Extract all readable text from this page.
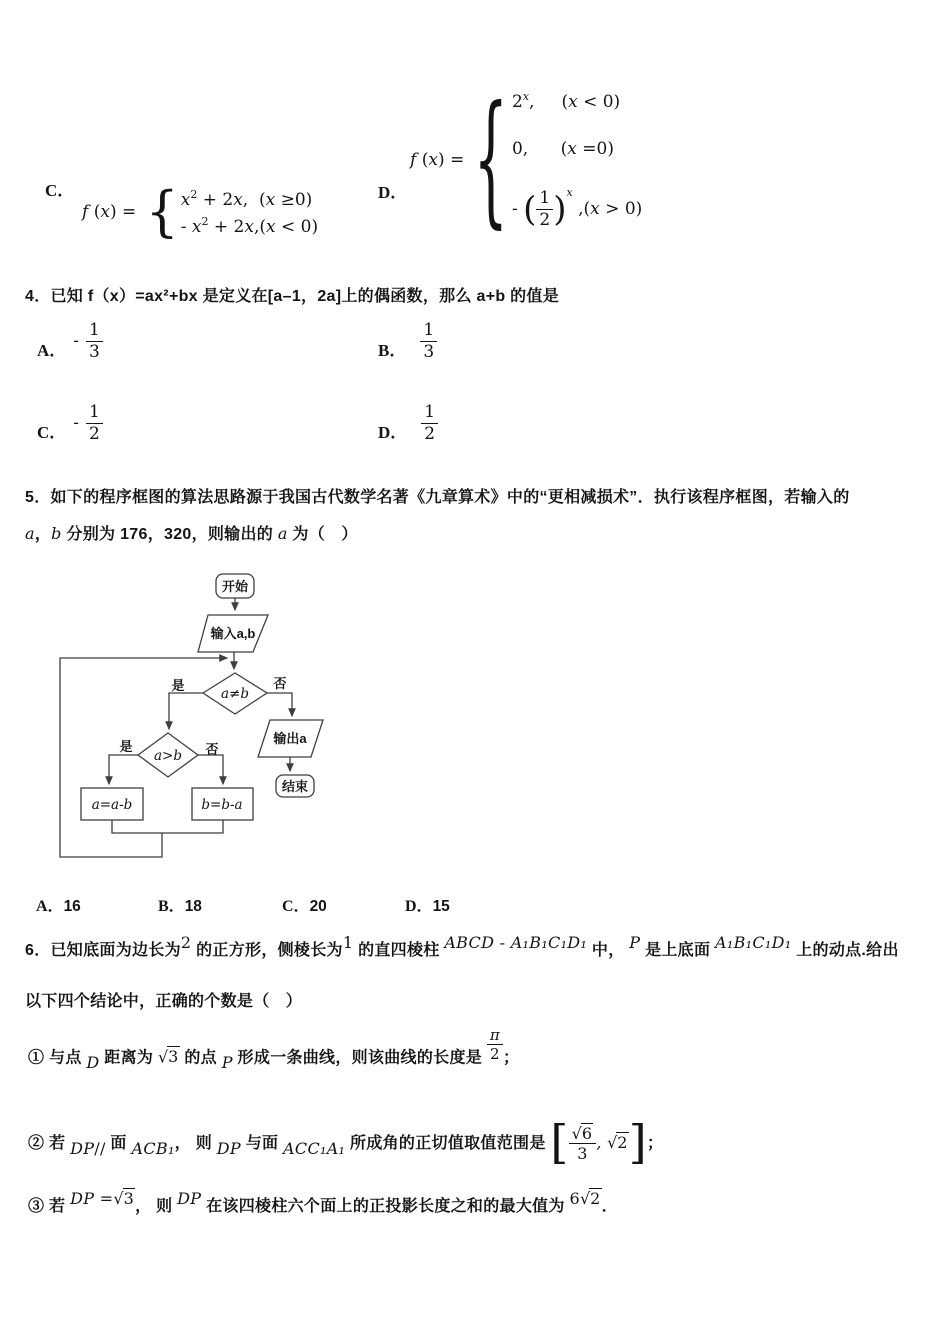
C．
f (x) = { $x^2 + 2x$,  (x ≥0)
- $x^2 + 2x,(x < 0)$
D．
f (x) = { 2$^x$,     (x < 0)
0,      (x =0)
- ( $\frac{1}{2} )^x$ ,(x > 0)
4．已知 f（x）=ax²+bx 是定义在[a–1，2a]上的偶函数，那么 a+b 的值是
A． - $\frac{1}{3}$	B． $\frac{1}{3}$
C． - $\frac{1}{2}$	D． $\frac{1}{2}$
5．如下的程序框图的算法思路源于我国古代数学名著《九章算术》中的“更相减损术”．执行该程序框图，若输入的
a，b 分别为 176，320，则输出的 a 为（　）
开始
输入a,b
a≠b
是	否
a>b
是	否
a=a-b	b=b-a
输出a
结束
A．16	B．18	C．20	D．15
6．已知底面为边长为2 的正方形，侧棱长为1 的直四棱柱 ABCD - A₁B₁C₁D₁ 中， P 是上底面 A₁B₁C₁D₁ 上的动点.给出
以下四个结论中，正确的个数是（　）
① 与点 D 距离为 √3 的点 P 形成一条曲线，则该曲线的长度是 $\frac{\pi}{2}$ ；
② 若 DP// 面 ACB₁， 则 DP 与面 ACC₁A₁ 所成角的正切值取值范围是 [ $\frac{√6}{3}$ , √2]；
③ 若 DP =√3， 则 DP 在该四棱柱六个面上的正投影长度之和的最大值为 6√2．
